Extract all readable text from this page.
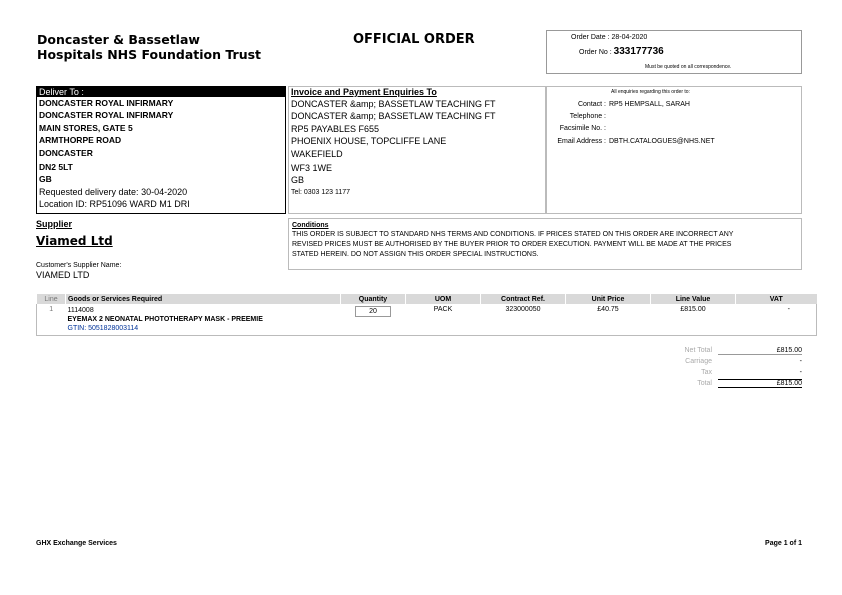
Doncaster & Bassetlaw
Hospitals NHS Foundation Trust
OFFICIAL ORDER	Order Date : 28-04-2020
Order No : 333177736
Must be quoted on all correspondence.
Deliver To :
DONCASTER ROYAL INFIRMARY
DONCASTER ROYAL INFIRMARY
MAIN STORES, GATE 5
ARMTHORPE ROAD
DONCASTER
DN2 5LT
GB
Requested delivery date: 30-04-2020
Location ID: RP51096 WARD M1 DRI
Invoice and Payment Enquiries To
DONCASTER &amp; BASSETLAW TEACHING FT
DONCASTER &amp; BASSETLAW TEACHING FT
RP5 PAYABLES F655
PHOENIX HOUSE, TOPCLIFFE LANE
WAKEFIELD
WF3 1WE
GB
Tel: 0303 123 1177
All enquiries regarding this order to:
Contact : RP5 HEMPSALL, SARAH
Telephone :
Facsimile No. :
Email Address : DBTH.CATALOGUES@NHS.NET
Supplier
Viamed Ltd
Customer's Supplier Name:
VIAMED LTD
Conditions
THIS ORDER IS SUBJECT TO STANDARD NHS TERMS AND CONDITIONS. IF PRICES STATED ON THIS ORDER ARE INCORRECT ANY
REVISED PRICES MUST BE AUTHORISED BY THE BUYER PRIOR TO ORDER EXECUTION. PAYMENT WILL BE MADE AT THE PRICES
STATED HEREIN. DO NOT ASSIGN THIS ORDER SPECIAL INSTRUCTIONS.
Line	Goods or Services Required	Quantity	UOM	Contract Ref.	Unit Price	Line Value	VAT
1	1114008
EYEMAX 2 NEONATAL PHOTOTHERAPY MASK - PREEMIE
GTIN: 5051828003114	20	PACK	323000050	£40.75	£815.00	-
Net Total	£815.00
Carriage	-
Tax	-
Total	£815.00
GHX Exchange Services	Page 1 of 1
